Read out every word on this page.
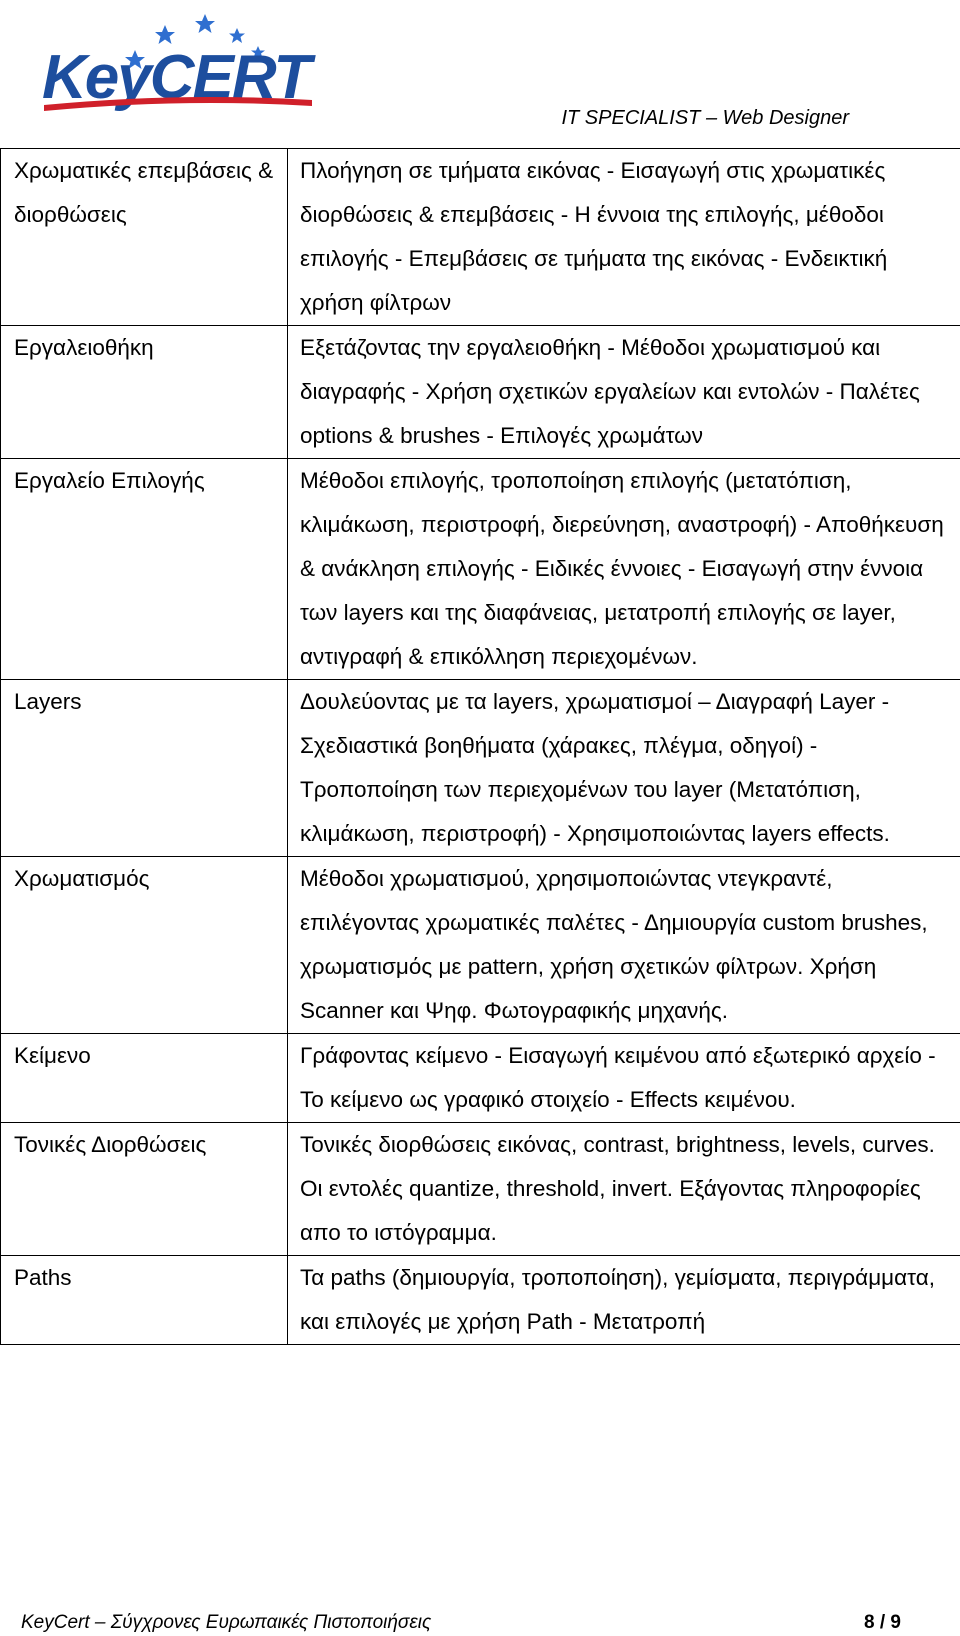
KeyCERT
IT SPECIALIST – Web Designer
Χρωματικές επεμβάσεις & διορθώσεις	Πλοήγηση σε τμήματα εικόνας - Εισαγωγή στις χρωματικές διορθώσεις & επεμβάσεις - Η έννοια της επιλογής, μέθοδοι επιλογής - Επεμβάσεις σε τμήματα της εικόνας - Ενδεικτική χρήση φίλτρων
Εργαλειοθήκη	Εξετάζοντας την εργαλειοθήκη - Μέθοδοι χρωματισμού και διαγραφής - Χρήση σχετικών εργαλείων και εντολών - Παλέτες options & brushes - Επιλογές χρωμάτων
Εργαλείο Επιλογής	Μέθοδοι επιλογής, τροποποίηση επιλογής (μετατόπιση, κλιμάκωση, περιστροφή, διερεύνηση, αναστροφή) - Αποθήκευση & ανάκληση επιλογής - Ειδικές έννοιες - Εισαγωγή στην έννοια των layers και της διαφάνειας, μετατροπή επιλογής σε layer, αντιγραφή & επικόλληση περιεχομένων.
Layers	Δουλεύοντας με τα layers, χρωματισμοί – Διαγραφή Layer - Σχεδιαστικά βοηθήματα (χάρακες, πλέγμα, οδηγοί) - Τροποποίηση των περιεχομένων του layer (Μετατόπιση, κλιμάκωση, περιστροφή) - Χρησιμοποιώντας layers effects.
Χρωματισμός	Μέθοδοι χρωματισμού, χρησιμοποιώντας ντεγκραντέ, επιλέγοντας χρωματικές παλέτες - Δημιουργία custom brushes, χρωματισμός με pattern, χρήση σχετικών φίλτρων. Χρήση Scanner και Ψηφ. Φωτογραφικής μηχανής.
Κείμενο	Γράφοντας κείμενο - Εισαγωγή κειμένου από εξωτερικό αρχείο - Το κείμενο ως γραφικό στοιχείο - Effects κειμένου.
Τονικές Διορθώσεις	Τονικές διορθώσεις εικόνας, contrast, brightness, levels, curves. Οι εντολές quantize, threshold, invert. Εξάγοντας πληροφορίες απο το ιστόγραμμα.
Paths	Τα paths (δημιουργία, τροποποίηση), γεμίσματα, περιγράμματα, και επιλογές με χρήση Path - Μετατροπή
KeyCert – Σύγχρονες Ευρωπαικές Πιστοποιήσεις	8 / 9
